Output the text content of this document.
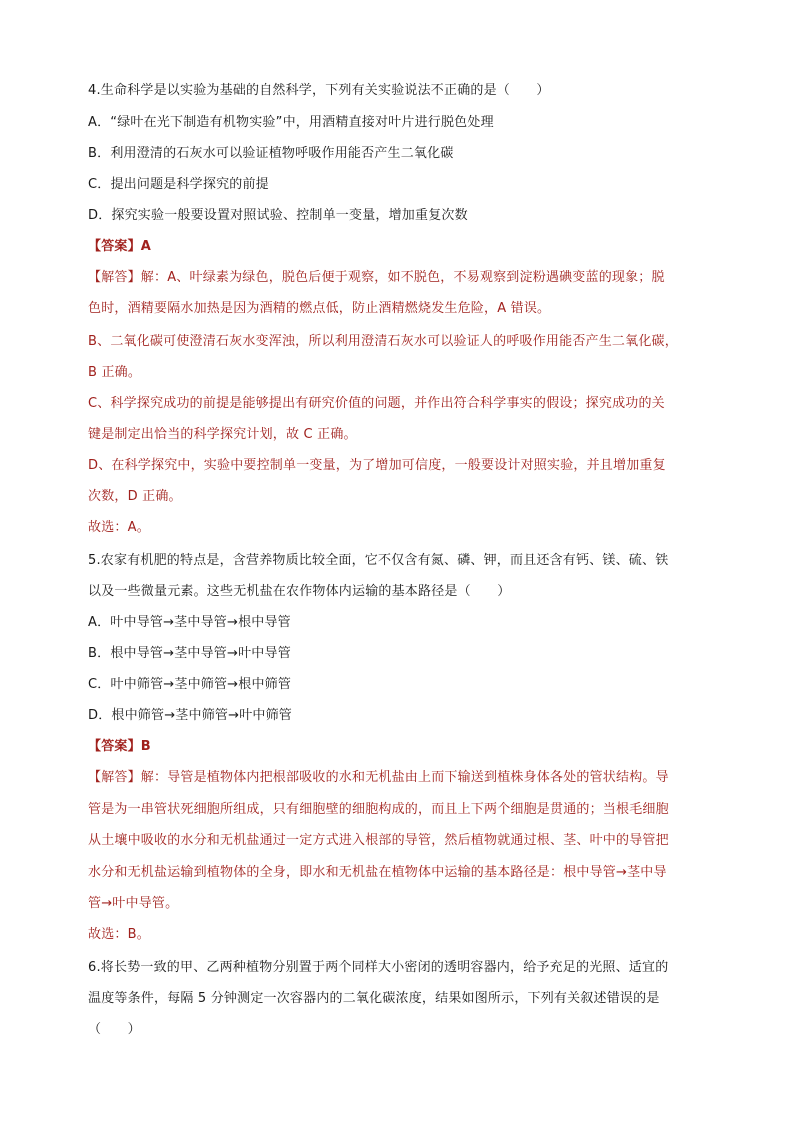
4.生命科学是以实验为基础的自然科学，下列有关实验说法不正确的是（　　）
A．“绿叶在光下制造有机物实验”中，用酒精直接对叶片进行脱色处理
B．利用澄清的石灰水可以验证植物呼吸作用能否产生二氧化碳
C．提出问题是科学探究的前提
D．探究实验一般要设置对照试验、控制单一变量，增加重复次数
【答案】A
【解答】解：A、叶绿素为绿色，脱色后便于观察，如不脱色，不易观察到淀粉遇碘变蓝的现象；脱
色时，酒精要隔水加热是因为酒精的燃点低，防止酒精燃烧发生危险，A 错误。
B、二氧化碳可使澄清石灰水变浑浊，所以利用澄清石灰水可以验证人的呼吸作用能否产生二氧化碳，
B 正确。
C、科学探究成功的前提是能够提出有研究价值的问题，并作出符合科学事实的假设；探究成功的关
键是制定出恰当的科学探究计划，故 C 正确。
D、在科学探究中，实验中要控制单一变量，为了增加可信度，一般要设计对照实验，并且增加重复
次数，D 正确。
故选：A。
5.农家有机肥的特点是，含营养物质比较全面，它不仅含有氮、磷、钾，而且还含有钙、镁、硫、铁
以及一些微量元素。这些无机盐在农作物体内运输的基本路径是（　　）
A．叶中导管→茎中导管→根中导管
B．根中导管→茎中导管→叶中导管
C．叶中筛管→茎中筛管→根中筛管
D．根中筛管→茎中筛管→叶中筛管
【答案】B
【解答】解：导管是植物体内把根部吸收的水和无机盐由上而下输送到植株身体各处的管状结构。导
管是为一串管状死细胞所组成，只有细胞壁的细胞构成的，而且上下两个细胞是贯通的；当根毛细胞
从土壤中吸收的水分和无机盐通过一定方式进入根部的导管，然后植物就通过根、茎、叶中的导管把
水分和无机盐运输到植物体的全身，即水和无机盐在植物体中运输的基本路径是：根中导管→茎中导
管→叶中导管。
故选：B。
6.将长势一致的甲、乙两种植物分别置于两个同样大小密闭的透明容器内，给予充足的光照、适宜的
温度等条件，每隔 5 分钟测定一次容器内的二氧化碳浓度，结果如图所示，下列有关叙述错误的是
（　　）
